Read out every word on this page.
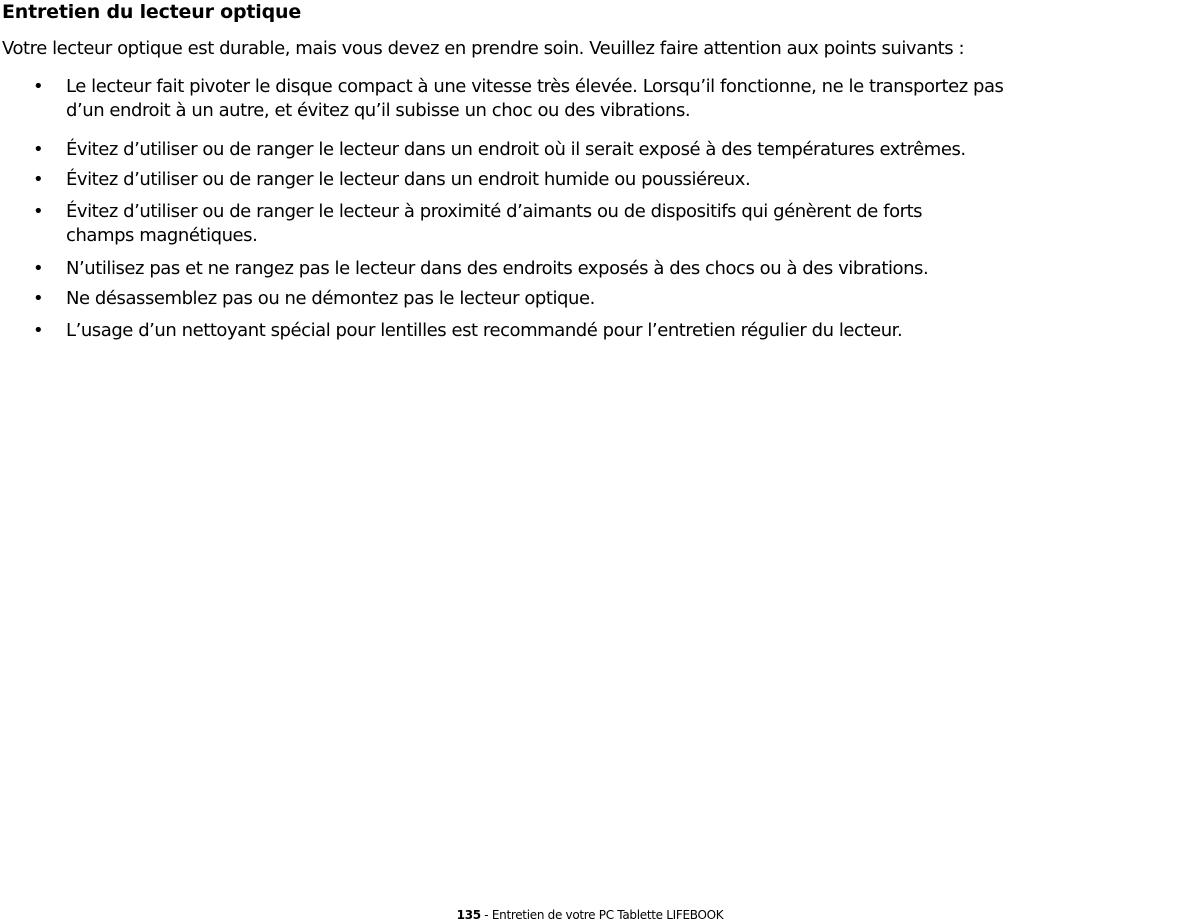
Entretien du lecteur optique

Votre lecteur optique est durable, mais vous devez en prendre soin. Veuillez faire attention aux points suivants :

• Le lecteur fait pivoter le disque compact à une vitesse très élevée. Lorsqu’il fonctionne, ne le transportez pas
d’un endroit à un autre, et évitez qu’il subisse un choc ou des vibrations.
• Évitez d’utiliser ou de ranger le lecteur dans un endroit où il serait exposé à des températures extrêmes.
• Évitez d’utiliser ou de ranger le lecteur dans un endroit humide ou poussiéreux.
• Évitez d’utiliser ou de ranger le lecteur à proximité d’aimants ou de dispositifs qui génèrent de forts
champs magnétiques.
• N’utilisez pas et ne rangez pas le lecteur dans des endroits exposés à des chocs ou à des vibrations.
• Ne désassemblez pas ou ne démontez pas le lecteur optique.
• L’usage d’un nettoyant spécial pour lentilles est recommandé pour l’entretien régulier du lecteur.
135 - Entretien de votre PC Tablette LIFEBOOK
